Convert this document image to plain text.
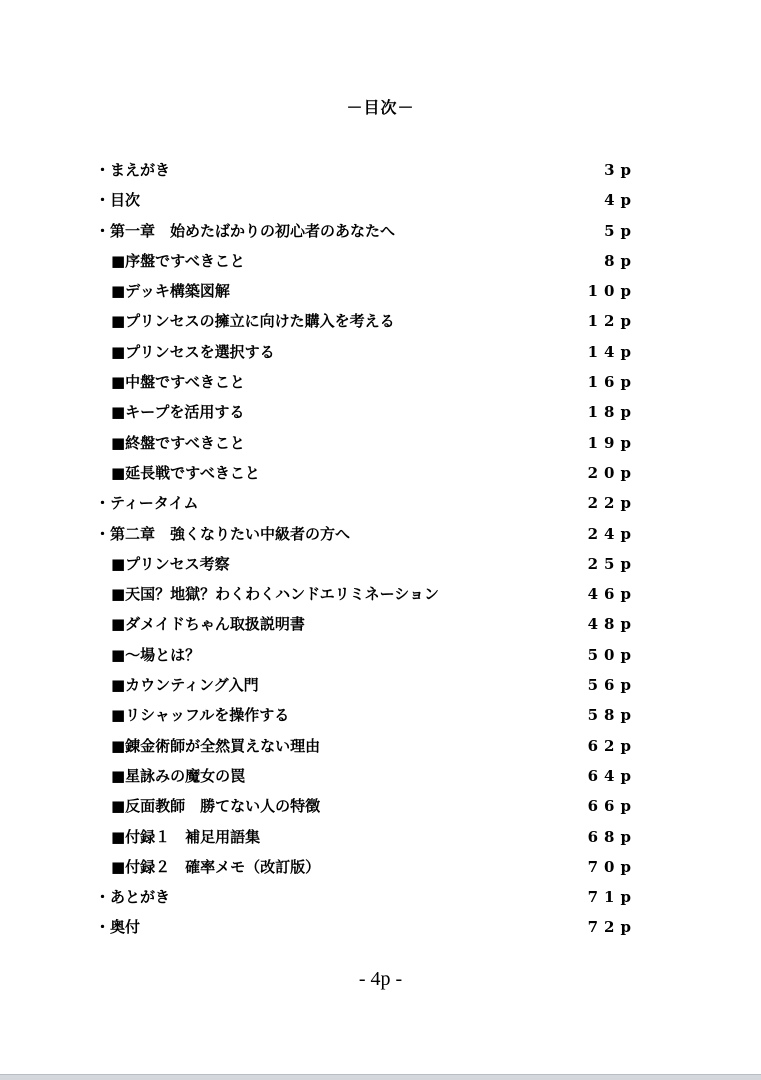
－目次－
・まえがき	3p
・目次	4p
・第一章　始めたばかりの初心者のあなたへ	5p
■序盤ですべきこと	8p
■デッキ構築図解	10p
■プリンセスの擁立に向けた購入を考える	12p
■プリンセスを選択する	14p
■中盤ですべきこと	16p
■キープを活用する	18p
■終盤ですべきこと	19p
■延長戦ですべきこと	20p
・ティータイム	22p
・第二章　強くなりたい中級者の方へ	24p
■プリンセス考察	25p
■天国？地獄？わくわくハンドエリミネーション	46p
■ダメイドちゃん取扱説明書	48p
■～場とは？	50p
■カウンティング入門	56p
■リシャッフルを操作する	58p
■錬金術師が全然買えない理由	62p
■星詠みの魔女の罠	64p
■反面教師　勝てない人の特徴	66p
■付録１　補足用語集	68p
■付録２　確率メモ（改訂版）	70p
・あとがき	71p
・奥付	72p
- 4p -
